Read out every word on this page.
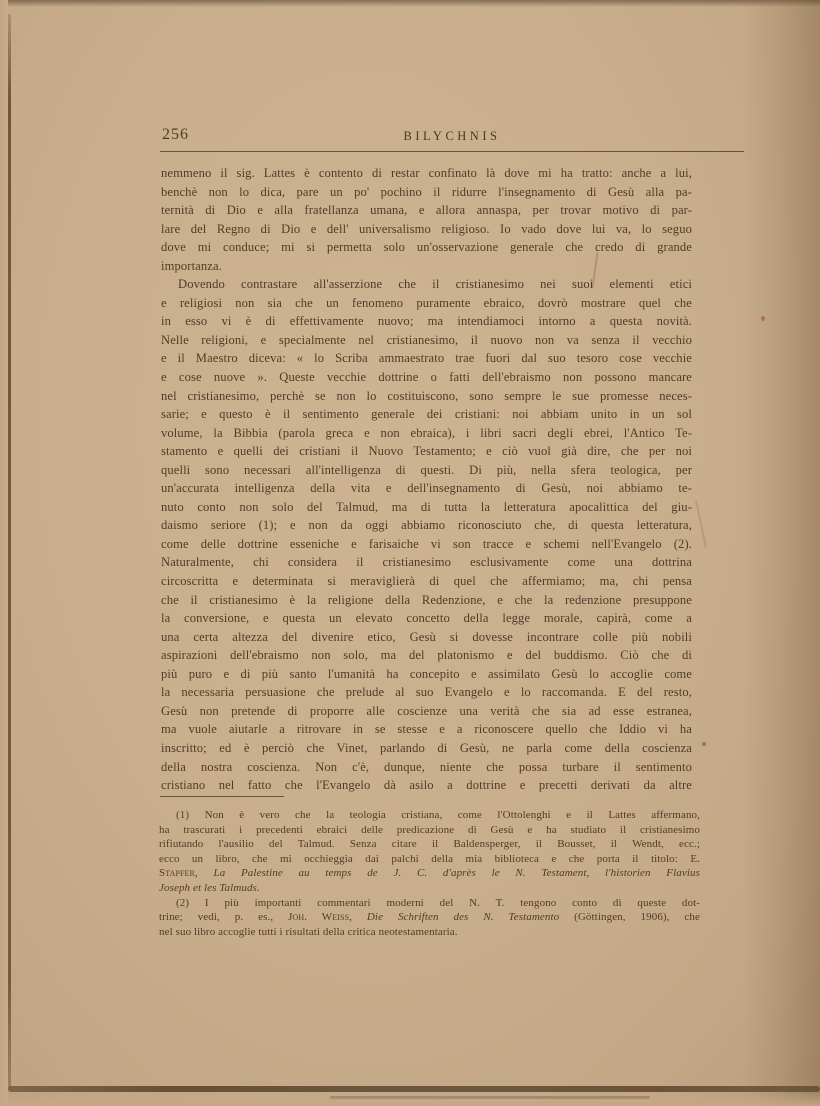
256	BILYCHNIS
nemmeno il sig. Lattes è contento di restar confinato là dove mi ha tratto: anche a lui,
benchè non lo dica, pare un po' pochino il ridurre l'insegnamento di Gesù alla pa-
ternità di Dio e alla fratellanza umana, e allora annaspa, per trovar motivo di par-
lare del Regno di Dio e dell' universalismo religioso. Io vado dove lui va, lo seguo
dove mi conduce; mi si permetta solo un'osservazione generale che credo di grande
importanza.
Dovendo contrastare all'asserzione che il cristianesimo nei suoi elementi etici
e religiosi non sia che un fenomeno puramente ebraico, dovrò mostrare quel che
in esso vi è di effettivamente nuovo; ma intendiamoci intorno a questa novità.
Nelle religioni, e specialmente nel cristianesimo, il nuovo non va senza il vecchio
e il Maestro diceva: « lo Scriba ammaestrato trae fuori dal suo tesoro cose vecchie
e cose nuove ». Queste vecchie dottrine o fatti dell'ebraismo non possono mancare
nel cristianesimo, perchè se non lo costituiscono, sono sempre le sue promesse neces-
sarie; e questo è il sentimento generale dei cristiani: noi abbiam unito in un sol
volume, la Bibbia (parola greca e non ebraica), i libri sacri degli ebrei, l'Antico Te-
stamento e quelli dei cristiani il Nuovo Testamento; e ciò vuol già dire, che per noi
quelli sono necessari all'intelligenza di questi. Di più, nella sfera teologica, per
un'accurata intelligenza della vita e dell'insegnamento di Gesù, noi abbiamo te-
nuto conto non solo del Talmud, ma di tutta la letteratura apocalittica del giu-
daismo seriore (1); e non da oggi abbiamo riconosciuto che, di questa letteratura,
come delle dottrine esseniche e farisaiche vi son tracce e schemi nell'Evangelo (2).
Naturalmente, chi considera il cristianesimo esclusivamente come una dottrina
circoscritta e determinata si meraviglierà di quel che affermiamo; ma, chi pensa
che il cristianesimo è la religione della Redenzione, e che la redenzione presuppone
la conversione, e questa un elevato concetto della legge morale, capirà, come a
una certa altezza del divenire etico, Gesù si dovesse incontrare colle più nobili
aspirazioni dell'ebraismo non solo, ma del platonismo e del buddismo. Ciò che di
più puro e di più santo l'umanità ha concepito e assimilato Gesù lo accoglie come
la necessaria persuasione che prelude al suo Evangelo e lo raccomanda. E del resto,
Gesù non pretende di proporre alle coscienze una verità che sia ad esse estranea,
ma vuole aiutarle a ritrovare in se stesse e a riconoscere quello che Iddio vi ha
inscritto; ed è perciò che Vinet, parlando di Gesù, ne parla come della coscienza
della nostra coscienza. Non c'è, dunque, niente che possa turbare il sentimento
cristiano nel fatto che l'Evangelo dà asilo a dottrine e precetti derivati da altre
(1) Non è vero che la teologia cristiana, come l'Ottolenghi e il Lattes affermano,
ha trascurati i precedenti ebraici delle predicazione di Gesù e ha studiato il cristianesimo
rifiutando l'ausilio del Talmud. Senza citare il Baldensperger, il Bousset, il Wendt, ecc.;
ecco un libro, che mi occhieggia dai palchi della mia biblioteca e che porta il titolo: E.
Stapfer, La Palestine au temps de J. C. d'après le N. Testament, l'historien Flavius
Joseph et les Talmuds.
(2) I più importanti commentari moderni del N. T. tengono conto di queste dot-
trine; vedi, p. es., Joh. Weiss, Die Schriften des N. Testamento (Göttingen, 1906), che
nel suo libro accoglie tutti i risultati della critica neotestamentaria.
